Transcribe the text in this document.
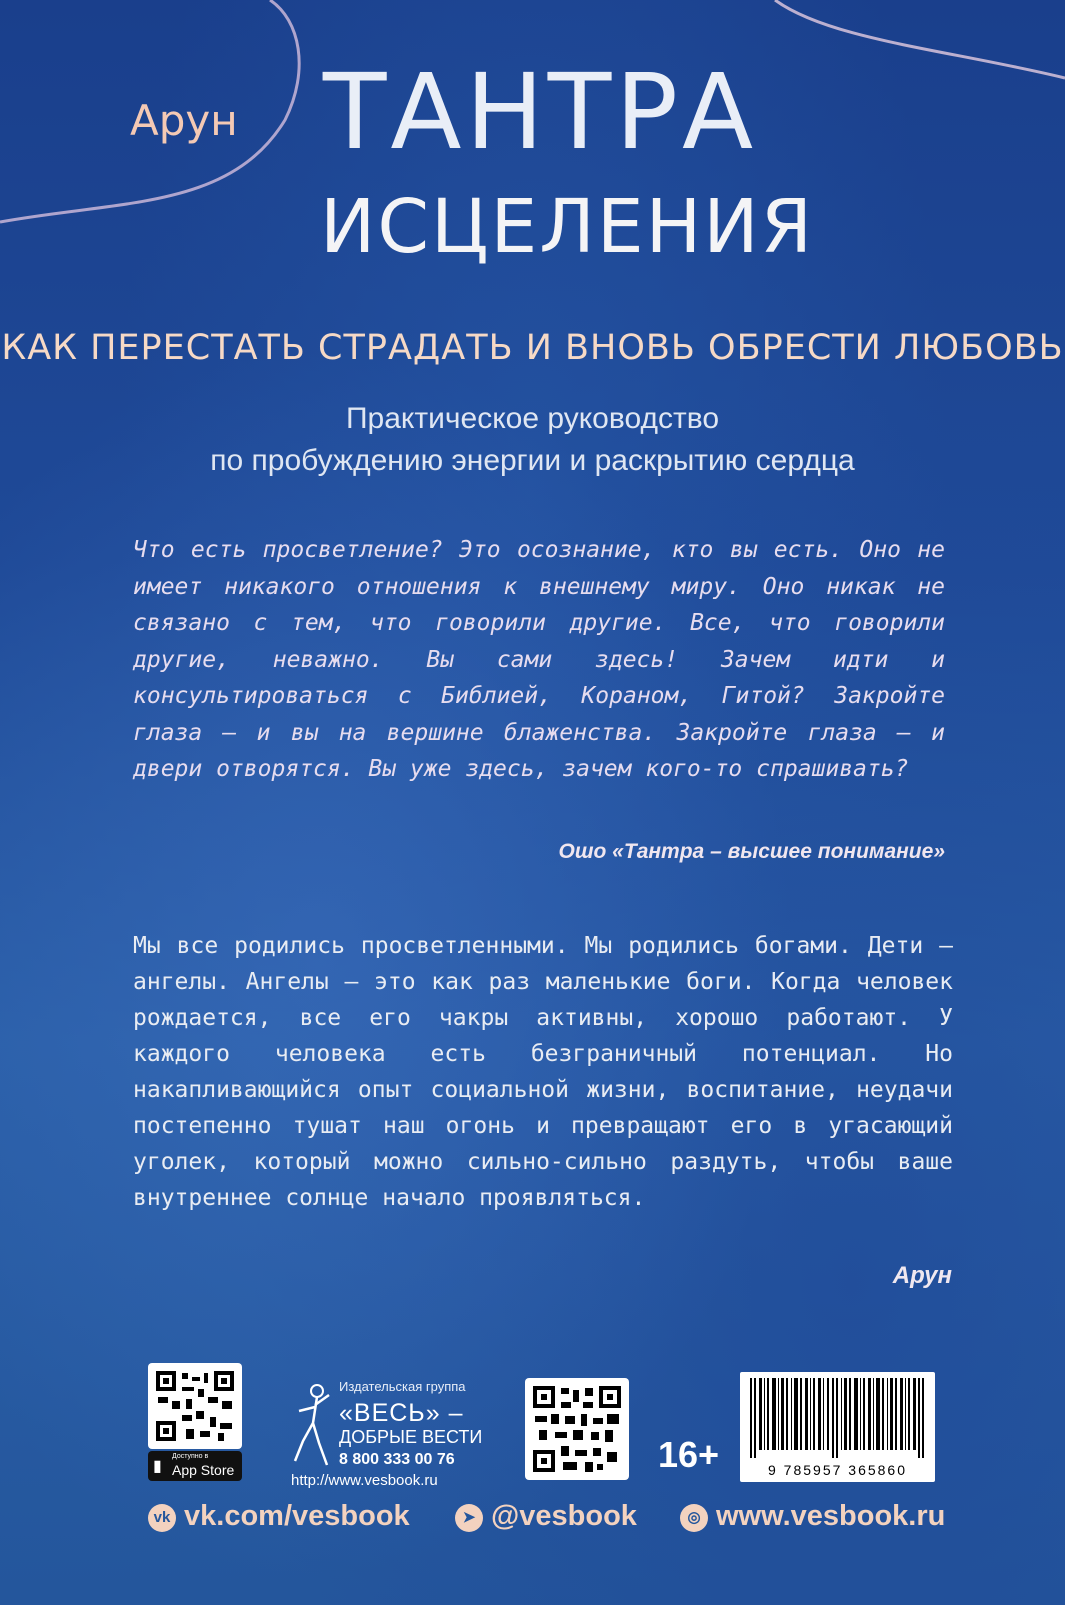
Арун ТАНТРА
ИСЦЕЛЕНИЯ
КАК ПЕРЕСТАТЬ СТРАДАТЬ И ВНОВЬ ОБРЕСТИ ЛЮБОВЬ
Практическое руководство
по пробуждению энергии и раскрытию сердца
Что есть просветление? Это осознание, кто вы есть. Оно не имеет никакого отношения к внешнему миру. Оно никак не связано с тем, что говорили другие. Все, что говорили другие, неважно. Вы сами здесь! Зачем идти и консультироваться с Библией, Кораном, Гитой? Закройте глаза — и вы на вершине блаженства. Закройте глаза — и двери отворятся. Вы уже здесь, зачем кого-то спрашивать?
Ошо «Тантра – высшее понимание»
Мы все родились просветленными. Мы родились богами. Дети — ангелы. Ангелы — это как раз маленькие боги. Когда человек рождается, все его чакры активны, хорошо работают. У каждого человека есть безграничный потенциал. Но накапливающийся опыт социальной жизни, воспитание, неудачи постепенно тушат наш огонь и превращают его в угасающий уголек, который можно сильно-сильно раздуть, чтобы ваше внутреннее солнце начало проявляться.
Арун
▮
Доступно в
App Store
Издательская группа
«ВЕСЬ» –
ДОБРЫЕ ВЕСТИ
8 800 333 00 76
http://www.vesbook.ru
16+	9 785957 365860
vk vk.com/vesbook	➤ @vesbook	◎ www.vesbook.ru
